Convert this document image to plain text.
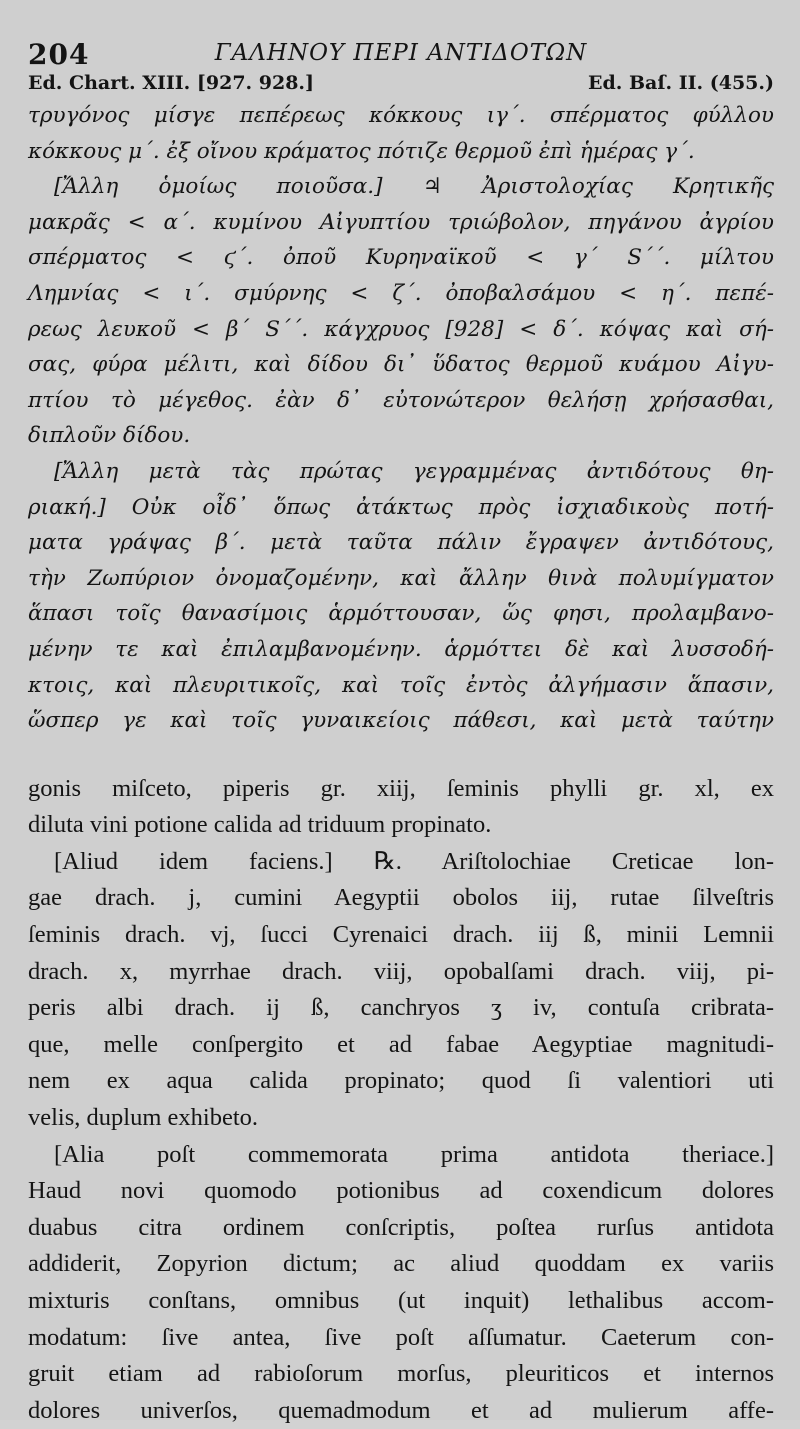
204	ΓΑΛΗΝΟΥ ΠΕΡΙ ΑΝΤΙΔΟΤΩΝ
Ed. Chart. XIII. [927. 928.]	Ed. Baſ. II. (455.)
τρυγόνος μίσγε πεπέρεως κόκκους ιγ΄. σπέρματος φύλλου
κόκκους μ΄. ἐξ οἴνου κράματος πότιζε θερμοῦ ἐπὶ ἡμέρας γ΄.
[Ἄλλη ὁμοίως ποιοῦσα.] ♃ Ἀριστολοχίας Κρητικῆς
μακρᾶς < α΄. κυμίνου Αἰγυπτίου τριώβολον, πηγάνου ἀγρίου
σπέρματος < ϛ΄. ὀποῦ Κυρηναϊκοῦ < γ΄ S΄΄. μίλτου
Λημνίας < ι΄. σμύρνης < ζ΄. ὀποβαλσάμου < η΄. πεπέ-
ρεως λευκοῦ < β΄ S΄΄. κάγχρυος [928] < δ΄. κόψας καὶ σή-
σας, φύρα μέλιτι, καὶ δίδου δι᾽ ὕδατος θερμοῦ κυάμου Αἰγυ-
πτίου τὸ μέγεθος. ἐὰν δ᾽ εὐτονώτερον θελήσῃ χρήσασθαι,
διπλοῦν δίδου.
[Ἄλλη μετὰ τὰς πρώτας γεγραμμένας ἀντιδότους θη-
ριακή.] Οὐκ οἶδ᾽ ὅπως ἀτάκτως πρὸς ἰσχιαδικοὺς ποτή-
ματα γράψας β΄. μετὰ ταῦτα πάλιν ἔγραψεν ἀντιδότους,
τὴν Ζωπύριον ὀνομαζομένην, καὶ ἄλλην θινὰ πολυμίγματον
ἅπασι τοῖς θανασίμοις ἁρμόττουσαν, ὥς φησι, προλαμβανο-
μένην τε καὶ ἐπιλαμβανομένην. ἁρμόττει δὲ καὶ λυσσοδή-
κτοις, καὶ πλευριτικοῖς, καὶ τοῖς ἐντὸς ἀλγήμασιν ἅπασιν,
ὥσπερ γε καὶ τοῖς γυναικείοις πάθεσι, καὶ μετὰ ταύτην
gonis miſceto, piperis gr. xiij, ſeminis phylli gr. xl, ex
diluta vini potione calida ad triduum propinato.
[Aliud idem faciens.] ℞. Ariſtolochiae Creticae lon-
gae drach. j, cumini Aegyptii obolos iij, rutae ſilveſtris
ſeminis drach. vj, ſucci Cyrenaici drach. iij ß, minii Lemnii
drach. x, myrrhae drach. viij, opobalſami drach. viij, pi-
peris albi drach. ij ß, canchryos ʒ iv, contuſa cribrata-
que, melle conſpergito et ad fabae Aegyptiae magnitudi-
nem ex aqua calida propinato; quod ſi valentiori uti
velis, duplum exhibeto.
[Alia poſt commemorata prima antidota theriace.]
Haud novi quomodo potionibus ad coxendicum dolores
duabus citra ordinem conſcriptis, poſtea rurſus antidota
addiderit, Zopyrion dictum; ac aliud quoddam ex variis
mixturis conſtans, omnibus (ut inquit) lethalibus accom-
modatum: ſive antea, ſive poſt aſſumatur. Caeterum con-
gruit etiam ad rabioſorum morſus, pleuriticos et internos
dolores univerſos, quemadmodum et ad mulierum affe-
